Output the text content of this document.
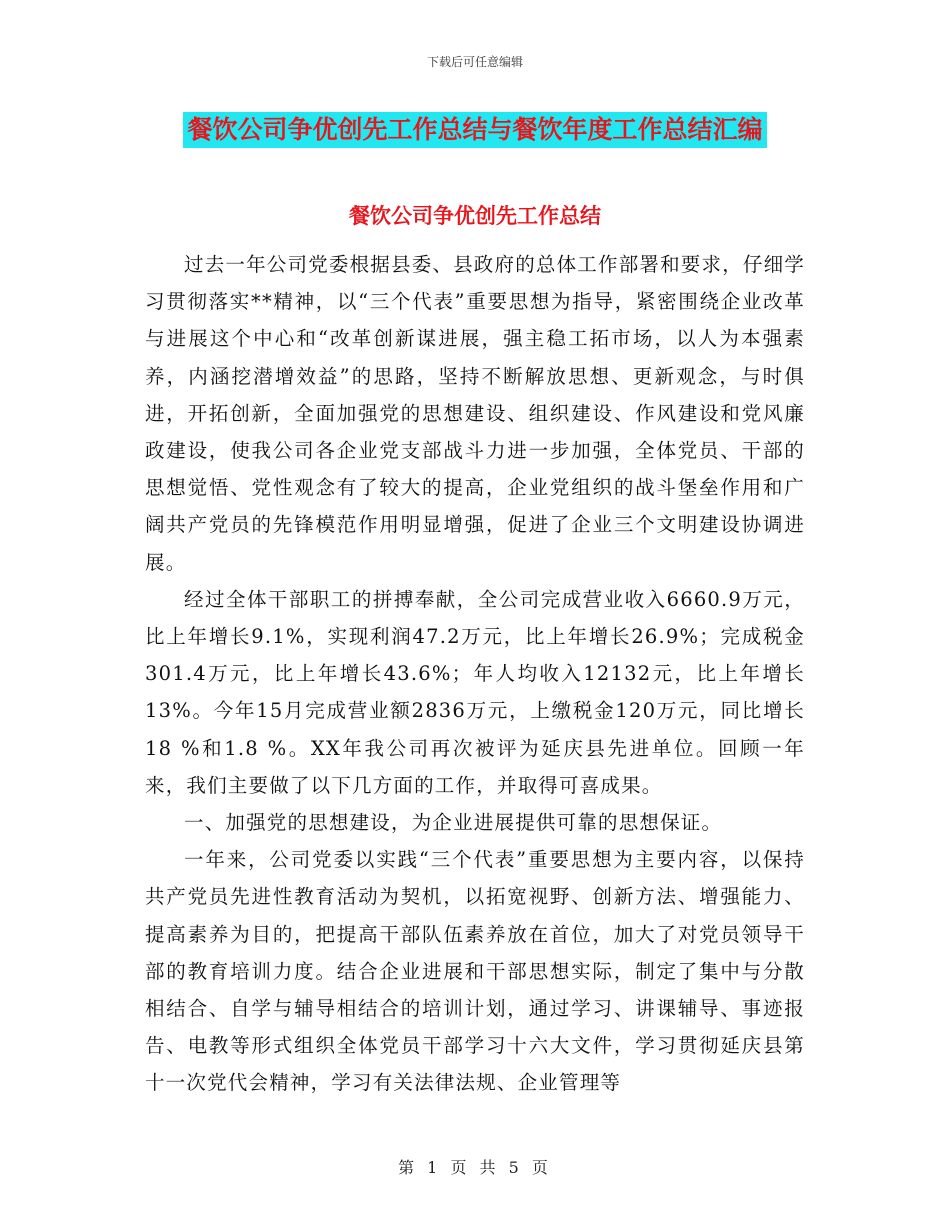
下载后可任意编辑
餐饮公司争优创先工作总结与餐饮年度工作总结汇编
餐饮公司争优创先工作总结

过去一年公司党委根据县委、县政府的总体工作部署和要求，仔细学习贯彻落实**精神，以“三个代表”重要思想为指导，紧密围绕企业改革与进展这个中心和“改革创新谋进展，强主稳工拓市场，以人为本强素养，内涵挖潜增效益”的思路，坚持不断解放思想、更新观念，与时俱进，开拓创新，全面加强党的思想建设、组织建设、作风建设和党风廉政建设，使我公司各企业党支部战斗力进一步加强，全体党员、干部的思想觉悟、党性观念有了较大的提高，企业党组织的战斗堡垒作用和广阔共产党员的先锋模范作用明显增强，促进了企业三个文明建设协调进展。

经过全体干部职工的拼搏奉献，全公司完成营业收入6660.9万元，比上年增长9.1%，实现利润47.2万元，比上年增长26.9%；完成税金301.4万元，比上年增长43.6%；年人均收入12132元，比上年增长13%。今年15月完成营业额2836万元，上缴税金120万元，同比增长18 %和1.8 %。XX年我公司再次被评为延庆县先进单位。回顾一年来，我们主要做了以下几方面的工作，并取得可喜成果。

一、加强党的思想建设，为企业进展提供可靠的思想保证。

一年来，公司党委以实践“三个代表”重要思想为主要内容，以保持共产党员先进性教育活动为契机，以拓宽视野、创新方法、增强能力、提高素养为目的，把提高干部队伍素养放在首位，加大了对党员领导干部的教育培训力度。结合企业进展和干部思想实际，制定了集中与分散相结合、自学与辅导相结合的培训计划，通过学习、讲课辅导、事迹报告、电教等形式组织全体党员干部学习十六大文件，学习贯彻延庆县第十一次党代会精神，学习有关法律法规、企业管理等

第 1 页 共 5 页
